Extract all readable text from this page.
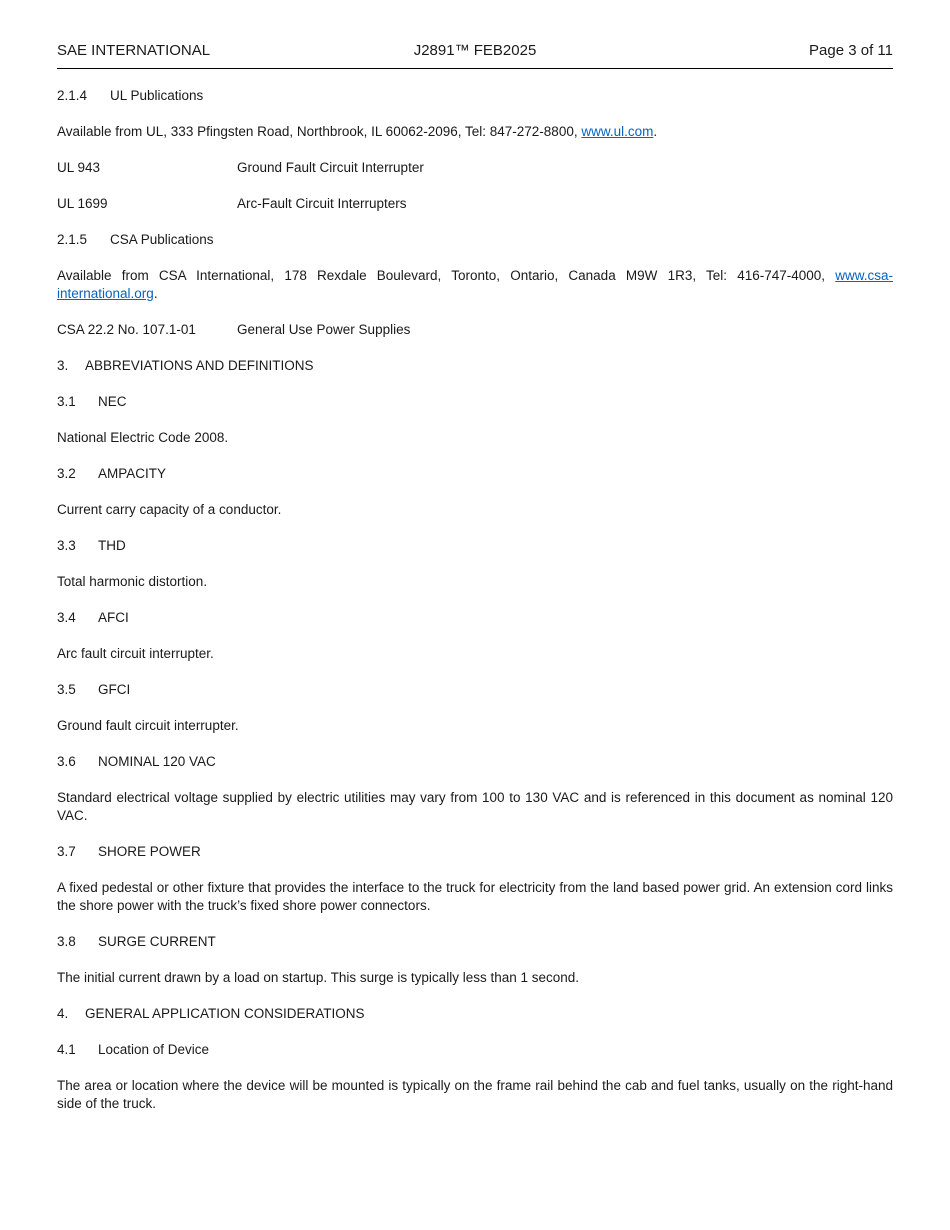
SAE INTERNATIONAL	J2891™ FEB2025	Page 3 of 11
2.1.4 UL Publications

Available from UL, 333 Pfingsten Road, Northbrook, IL 60062-2096, Tel: 847-272-8800, www.ul.com.

UL 943	Ground Fault Circuit Interrupter
UL 1699	Arc-Fault Circuit Interrupters
2.1.5 CSA Publications

Available from CSA International, 178 Rexdale Boulevard, Toronto, Ontario, Canada M9W 1R3, Tel: 416-747-4000, www.csa-international.org.

CSA 22.2 No. 107.1-01	General Use Power Supplies
3. ABBREVIATIONS AND DEFINITIONS
3.1 NEC

National Electric Code 2008.

3.2 AMPACITY

Current carry capacity of a conductor.

3.3 THD

Total harmonic distortion.

3.4 AFCI

Arc fault circuit interrupter.

3.5 GFCI

Ground fault circuit interrupter.

3.6 NOMINAL 120 VAC

Standard electrical voltage supplied by electric utilities may vary from 100 to 130 VAC and is referenced in this document as nominal 120 VAC.

3.7 SHORE POWER

A fixed pedestal or other fixture that provides the interface to the truck for electricity from the land based power grid. An extension cord links the shore power with the truck’s fixed shore power connectors.

3.8 SURGE CURRENT

The initial current drawn by a load on startup. This surge is typically less than 1 second.

4. GENERAL APPLICATION CONSIDERATIONS
4.1 Location of Device

The area or location where the device will be mounted is typically on the frame rail behind the cab and fuel tanks, usually on the right-hand side of the truck.
